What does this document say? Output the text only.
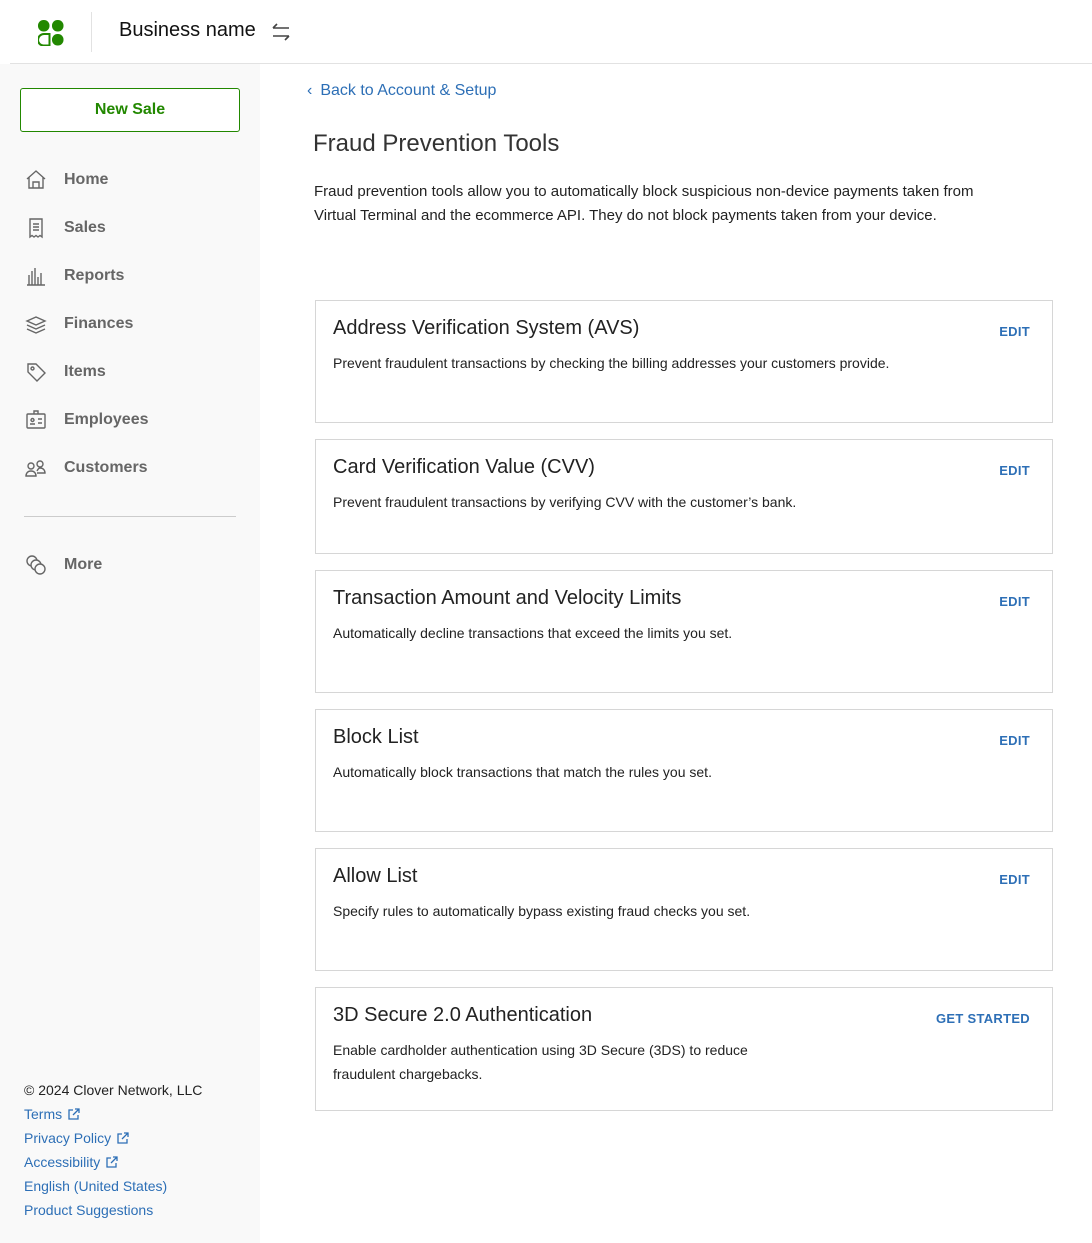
Business name
New Sale
Home
Sales
Reports
Finances
Items
Employees
Customers
More
© 2024 Clover Network, LLC
Terms
Privacy Policy
Accessibility
English (United States)
Product Suggestions
‹ Back to Account & Setup
Fraud Prevention Tools
Fraud prevention tools allow you to automatically block suspicious non-device payments taken from Virtual Terminal and the ecommerce API. They do not block payments taken from your device.
Address Verification System (AVS)

Prevent fraudulent transactions by checking the billing addresses your customers provide.

EDIT
Card Verification Value (CVV)

Prevent fraudulent transactions by verifying CVV with the customer’s bank.

EDIT
Transaction Amount and Velocity Limits

Automatically decline transactions that exceed the limits you set.

EDIT
Block List

Automatically block transactions that match the rules you set.

EDIT
Allow List

Specify rules to automatically bypass existing fraud checks you set.

EDIT
3D Secure 2.0 Authentication

Enable cardholder authentication using 3D Secure (3DS) to reduce fraudulent chargebacks.

GET STARTED
